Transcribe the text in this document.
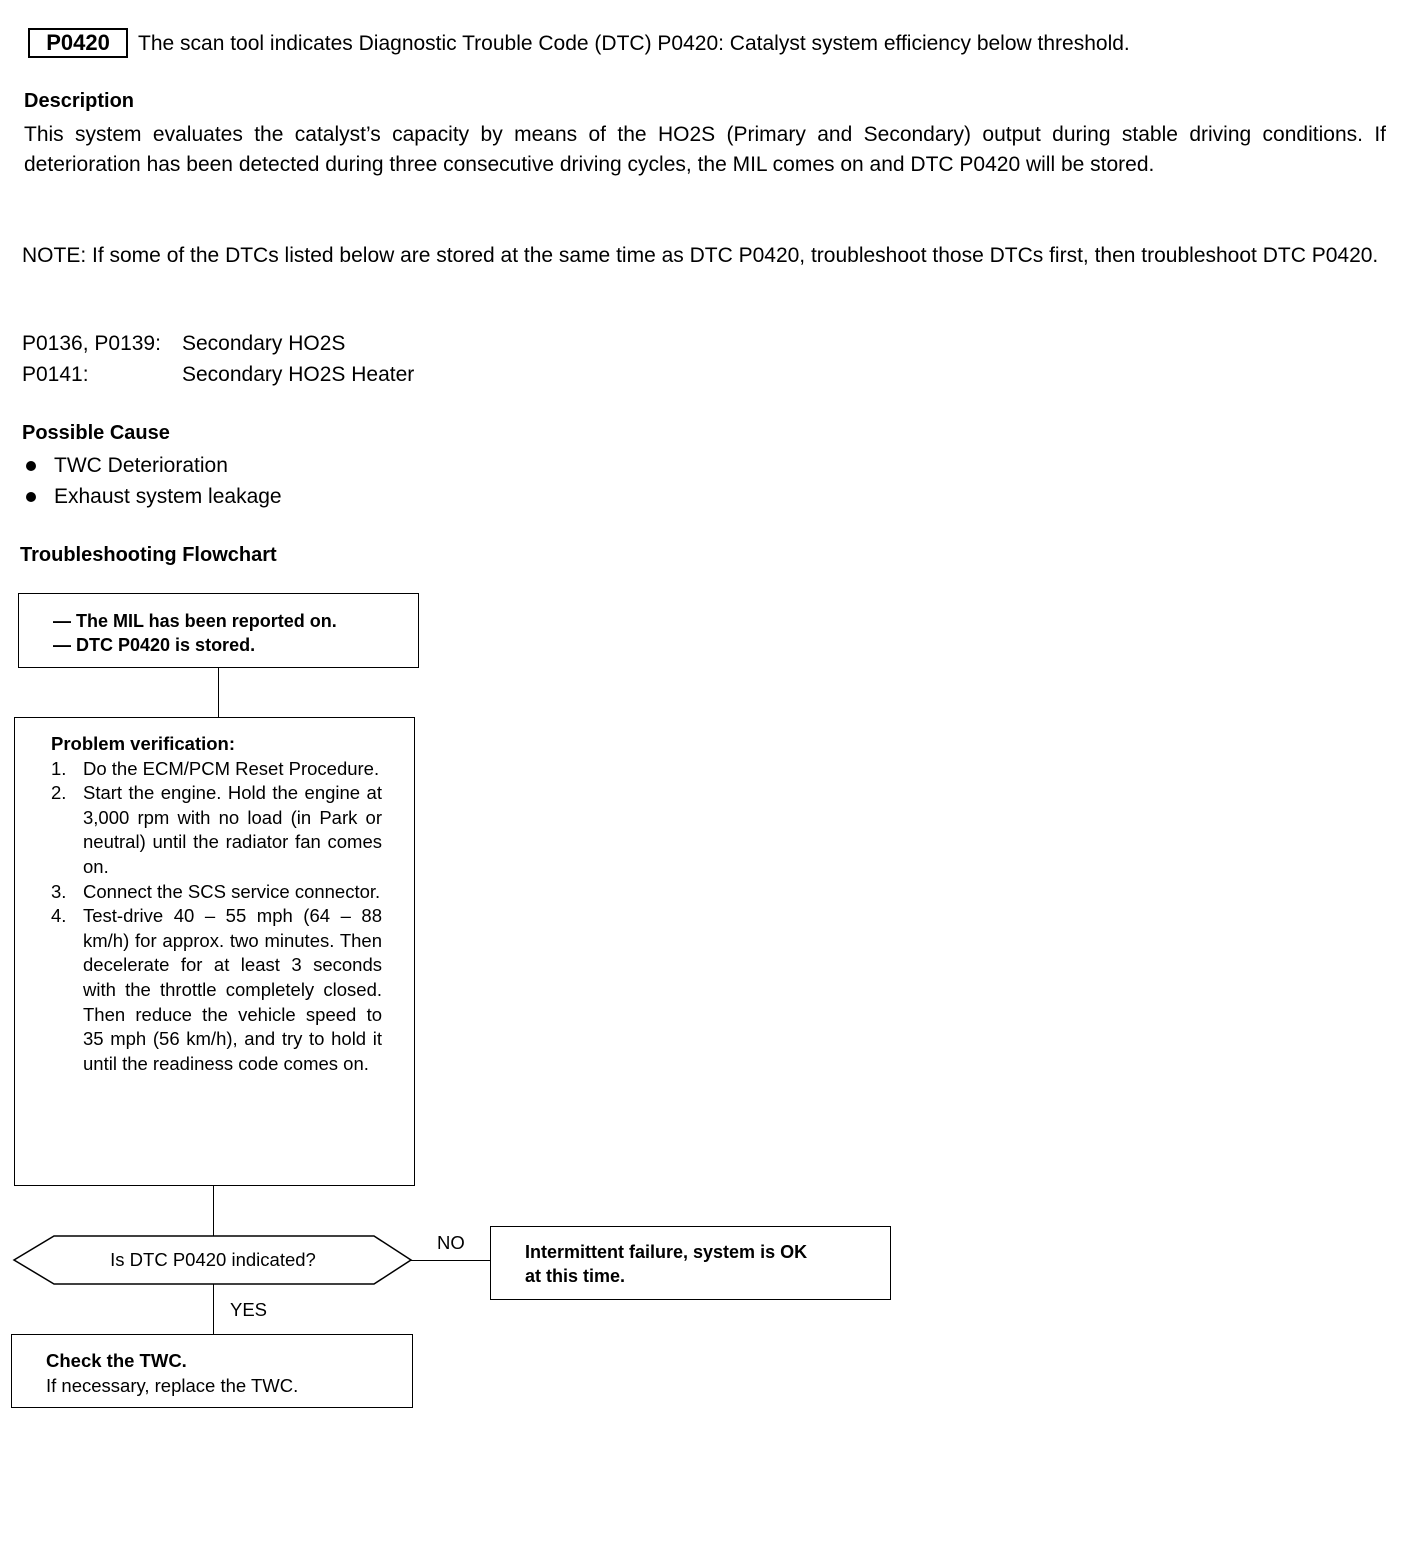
P0420	The scan tool indicates Diagnostic Trouble Code (DTC) P0420: Catalyst system efficiency below threshold.
Description
This system evaluates the catalyst’s capacity by means of the HO2S (Primary and Secondary) output during stable driving conditions. If deterioration has been detected during three consecutive driving cycles, the MIL comes on and DTC P0420 will be stored.
NOTE: If some of the DTCs listed below are stored at the same time as DTC P0420, troubleshoot those DTCs first, then troubleshoot DTC P0420.
P0136, P0139: Secondary HO2S
P0141:	Secondary HO2S Heater
Possible Cause
TWC Deterioration
Exhaust system leakage
Troubleshooting Flowchart
— The MIL has been reported on.
— DTC P0420 is stored.
Problem verification:
1. Do the ECM/PCM Reset Procedure.
2. Start the engine. Hold the engine at 3,000 rpm with no load (in Park or neutral) until the radiator fan comes on.
3. Connect the SCS service connector.
4. Test-drive 40 – 55 mph (64 – 88 km/h) for approx. two minutes. Then decelerate for at least 3 seconds with the throttle completely closed. Then reduce the vehicle speed to 35 mph (56 km/h), and try to hold it until the readiness code comes on.
Is DTC P0420 indicated?
NO
YES
Intermittent failure, system is OK
at this time.
Check the TWC.
If necessary, replace the TWC.
